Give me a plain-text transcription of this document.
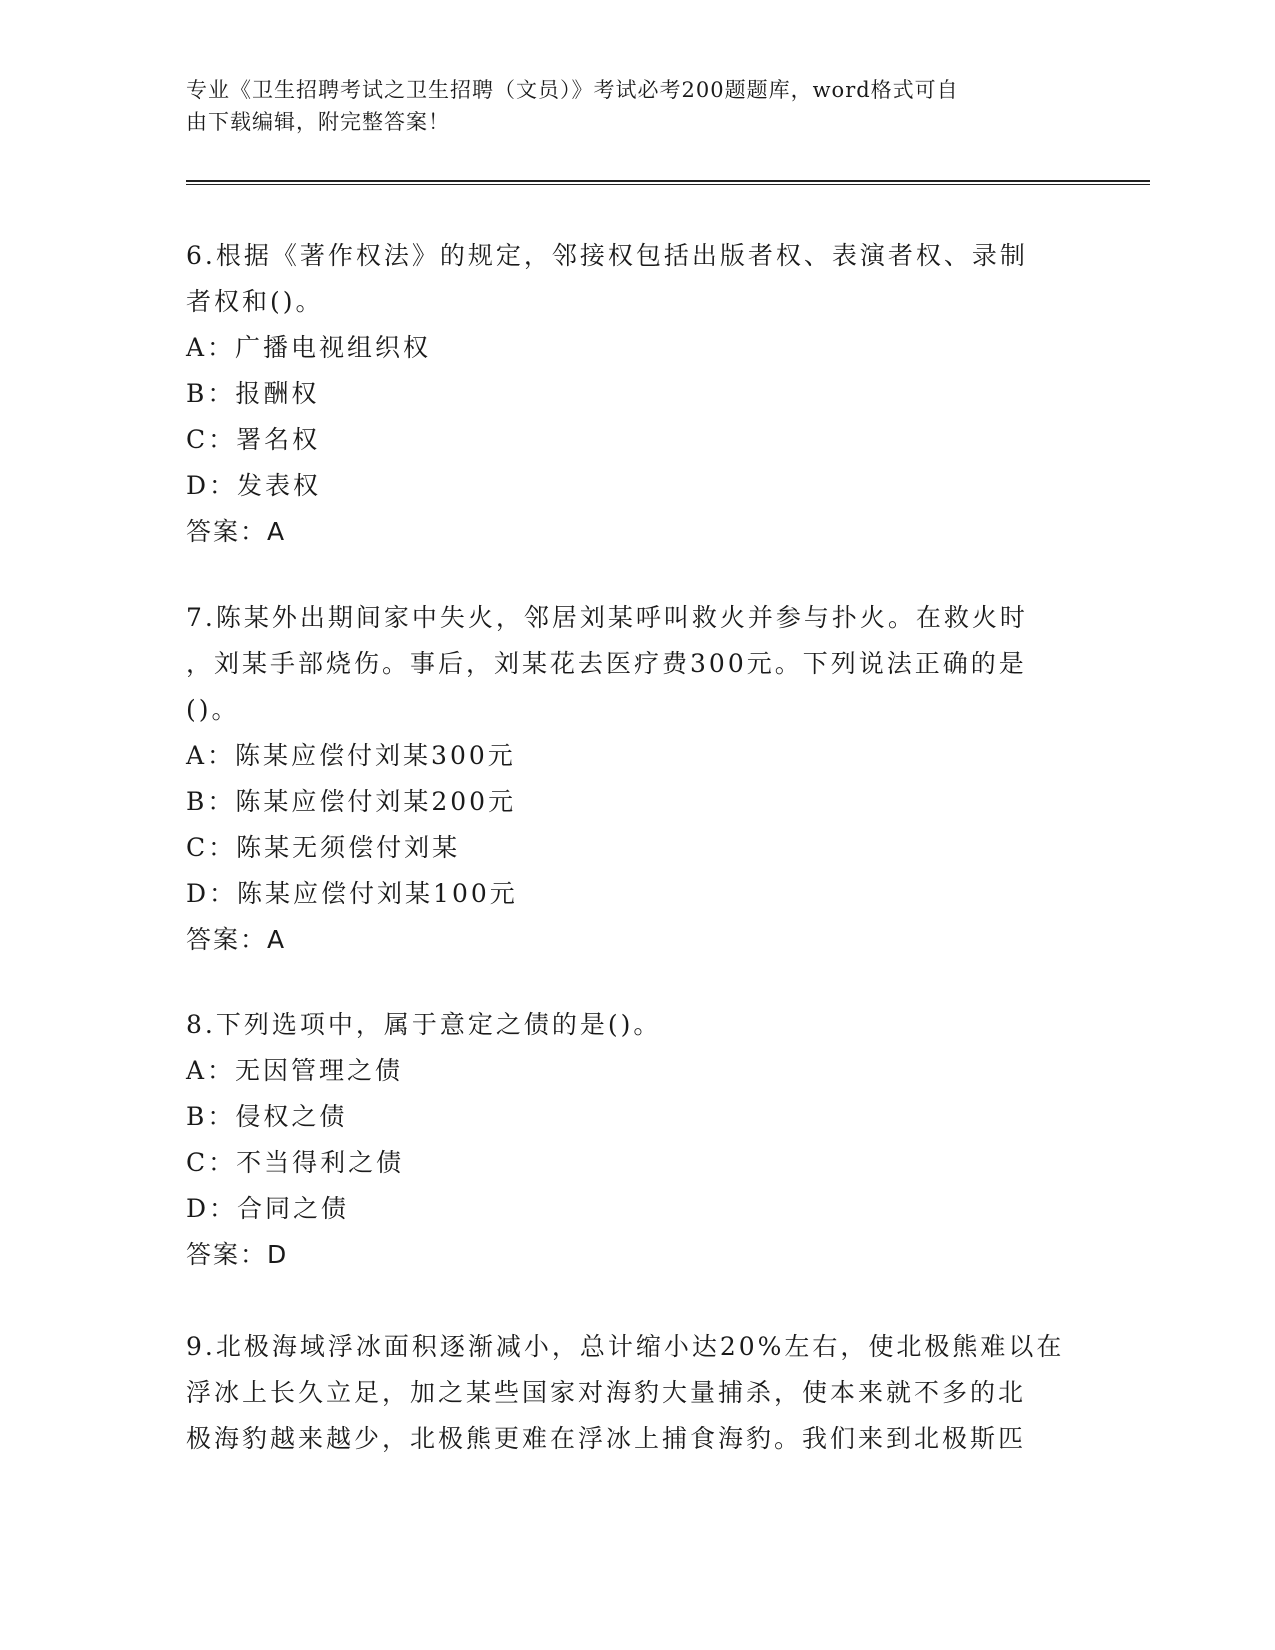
专业《卫生招聘考试之卫生招聘（文员）》考试必考200题题库，word格式可自
由下载编辑，附完整答案！

6.根据《著作权法》的规定，邻接权包括出版者权、表演者权、录制

者权和()。

A：广播电视组织权

B：报酬权

C：署名权

D：发表权

答案：A

7.陈某外出期间家中失火，邻居刘某呼叫救火并参与扑火。在救火时

，刘某手部烧伤。事后，刘某花去医疗费300元。下列说法正确的是

()。

A：陈某应偿付刘某300元

B：陈某应偿付刘某200元

C：陈某无须偿付刘某

D：陈某应偿付刘某100元

答案：A

8.下列选项中，属于意定之债的是()。

A：无因管理之债

B：侵权之债

C：不当得利之债

D：合同之债

答案：D

9.北极海域浮冰面积逐渐减小，总计缩小达20%左右，使北极熊难以在

浮冰上长久立足，加之某些国家对海豹大量捕杀，使本来就不多的北

极海豹越来越少，北极熊更难在浮冰上捕食海豹。我们来到北极斯匹
